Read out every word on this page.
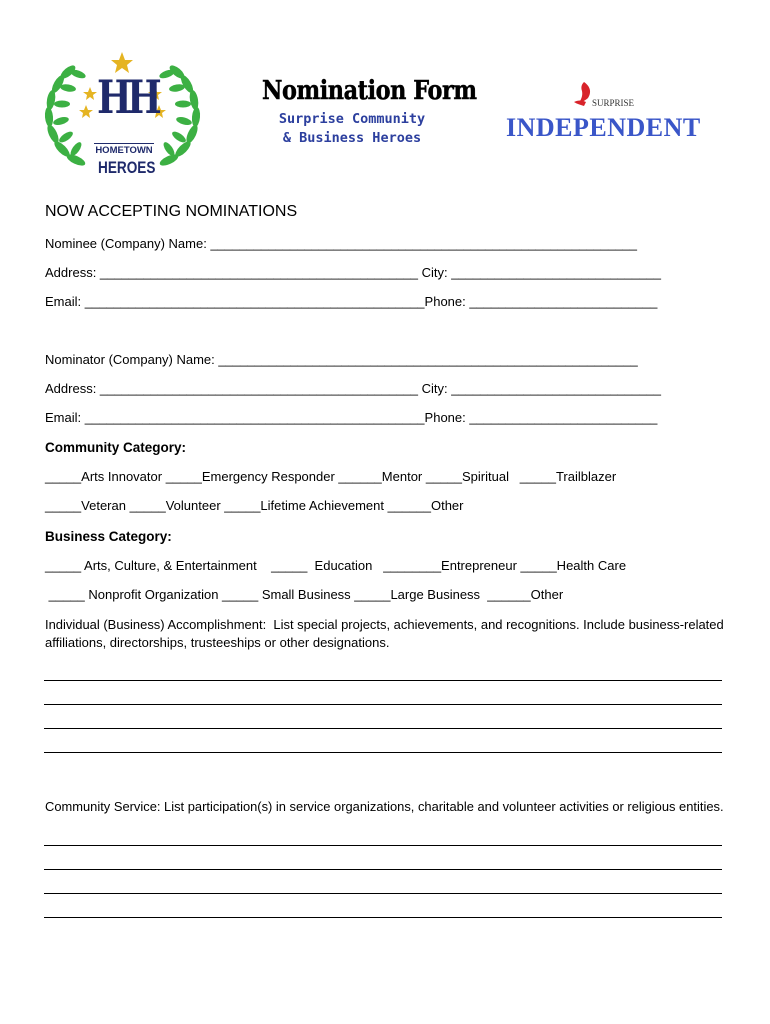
HH
HOMETOWN
HEROES
Nomination Form
Surprise Community
& Business Heroes
SURPRISE
INDEPENDENT
NOW ACCEPTING NOMINATIONS
Nominee (Company) Name: ___________________________________________________________
Address: ____________________________________________ City: _____________________________
Email: _______________________________________________Phone: __________________________
Nominator (Company) Name: __________________________________________________________
Address: ____________________________________________ City: _____________________________
Email: _______________________________________________Phone: __________________________
Community Category:
_____Arts Innovator _____Emergency Responder ______Mentor _____Spiritual   _____Trailblazer
_____Veteran _____Volunteer _____Lifetime Achievement ______Other
Business Category:
_____ Arts, Culture, & Entertainment    _____  Education   ________Entrepreneur _____Health Care
_____ Nonprofit Organization _____ Small Business _____Large Business  ______Other
Individual (Business) Accomplishment:  List special projects, achievements, and recognitions. Include business-related
affiliations, directorships, trusteeships or other designations.
Community Service: List participation(s) in service organizations, charitable and volunteer activities or religious entities.
